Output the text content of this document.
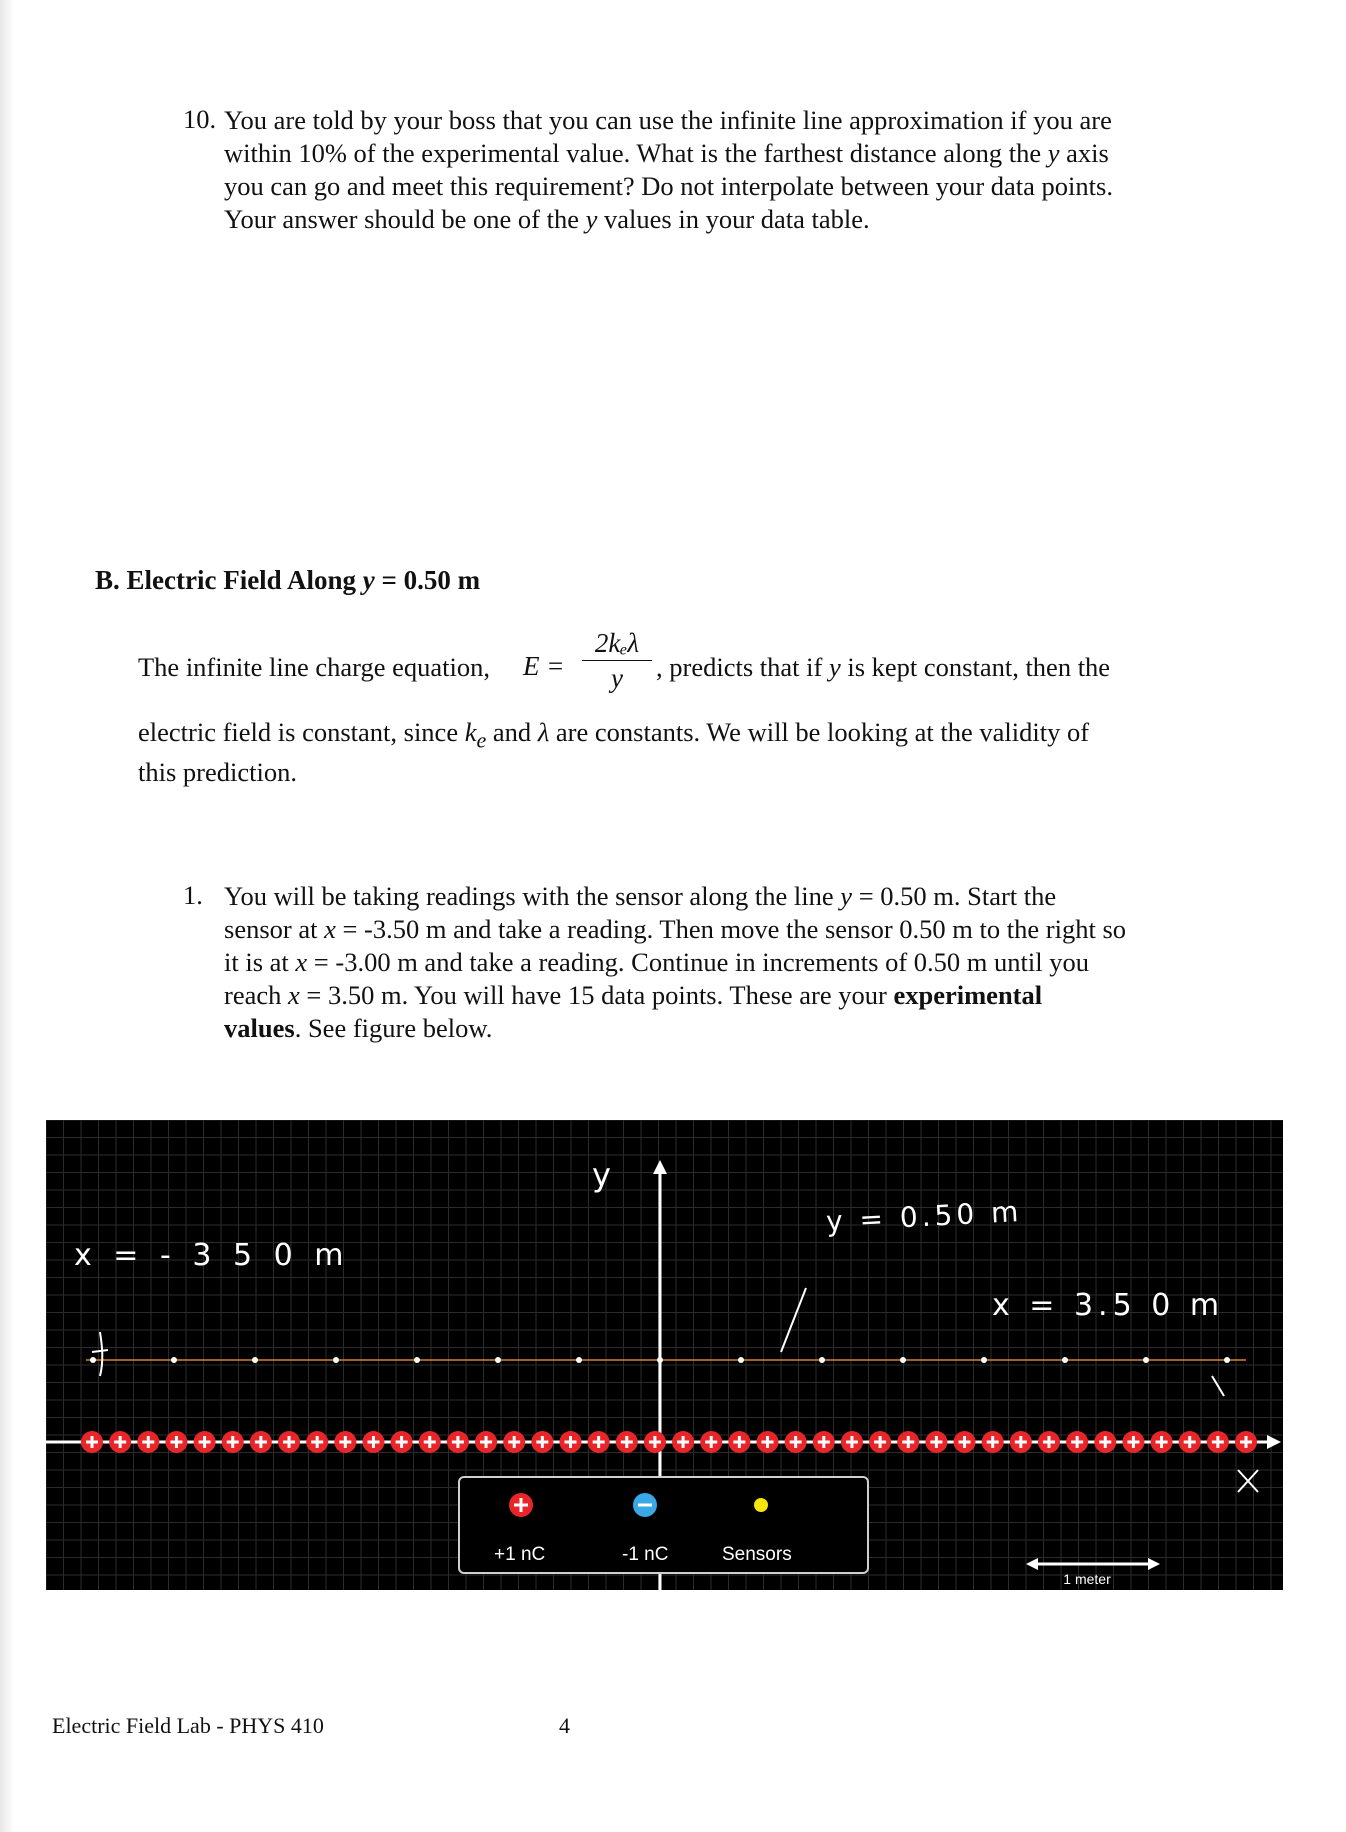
10. You are told by your boss that you can use the infinite line approximation if you are

within 10% of the experimental value. What is the farthest distance along the y axis

you can go and meet this requirement? Do not interpolate between your data points.

Your answer should be one of the y values in your data table.

B. Electric Field Along y = 0.50 m
The infinite line charge equation, E =
2kₑλ
y	, predicts that if y is kept constant, then the

electric field is constant, since $k_e$ and λ are constants. We will be looking at the validity of

this prediction.

1. You will be taking readings with the sensor along the line y = 0.50 m. Start the

sensor at x = -3.50 m and take a reading. Then move the sensor 0.50 m to the right so

it is at x = -3.00 m and take a reading. Continue in increments of 0.50 m until you

reach x = 3.50 m. You will have 15 data points. These are your experimental

values. See figure below.

+1 nC	-1 nC	Sensors
1 meter
x = - 3 5 0 m
y
y = 0.50 m
x = 3.5 0 m
Electric Field Lab - PHYS 410	4
